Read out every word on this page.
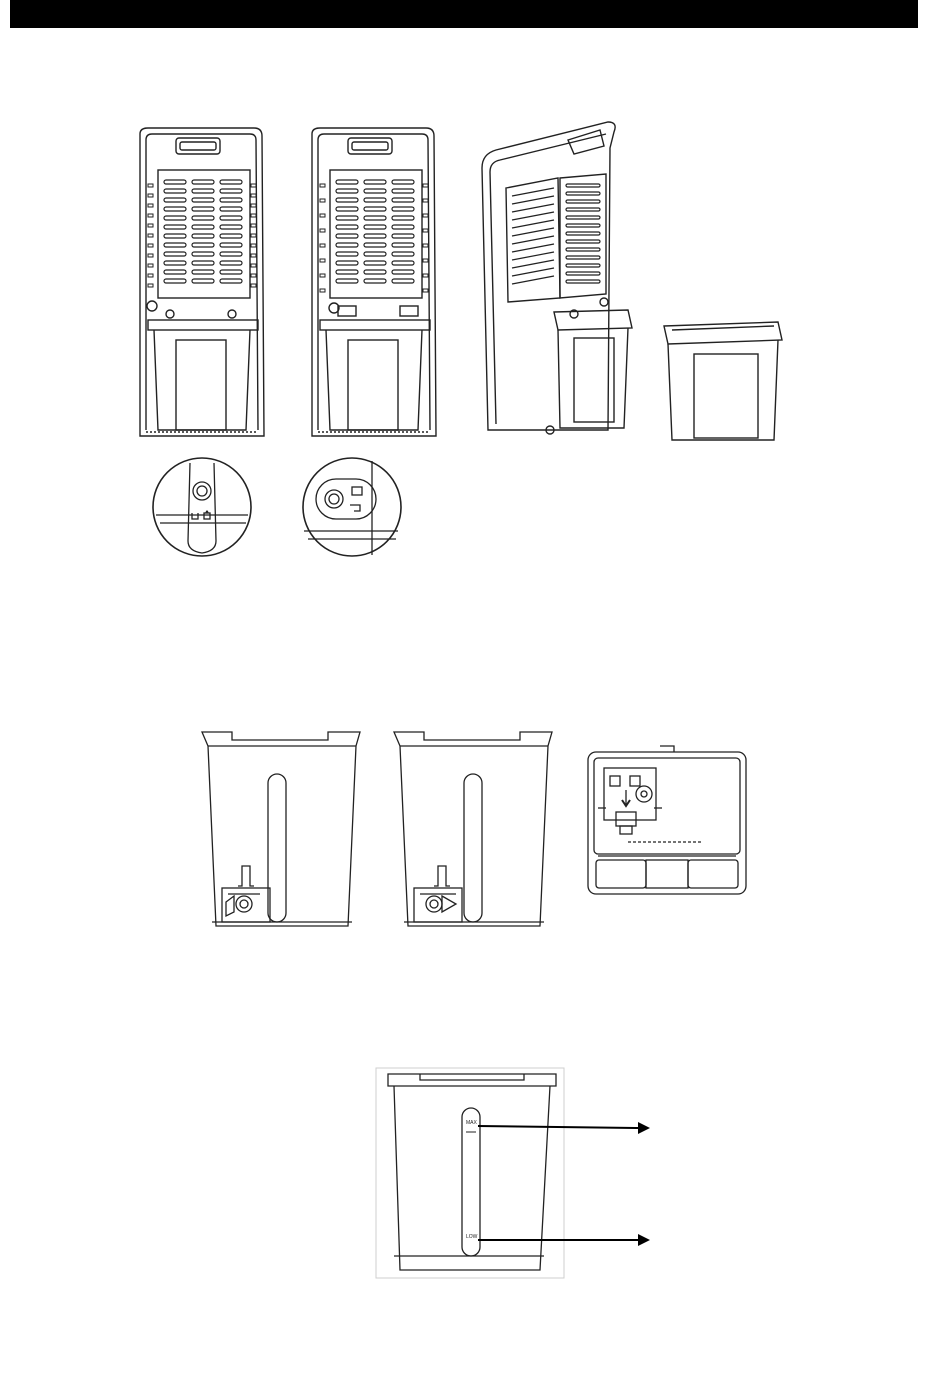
MAX
LOW
